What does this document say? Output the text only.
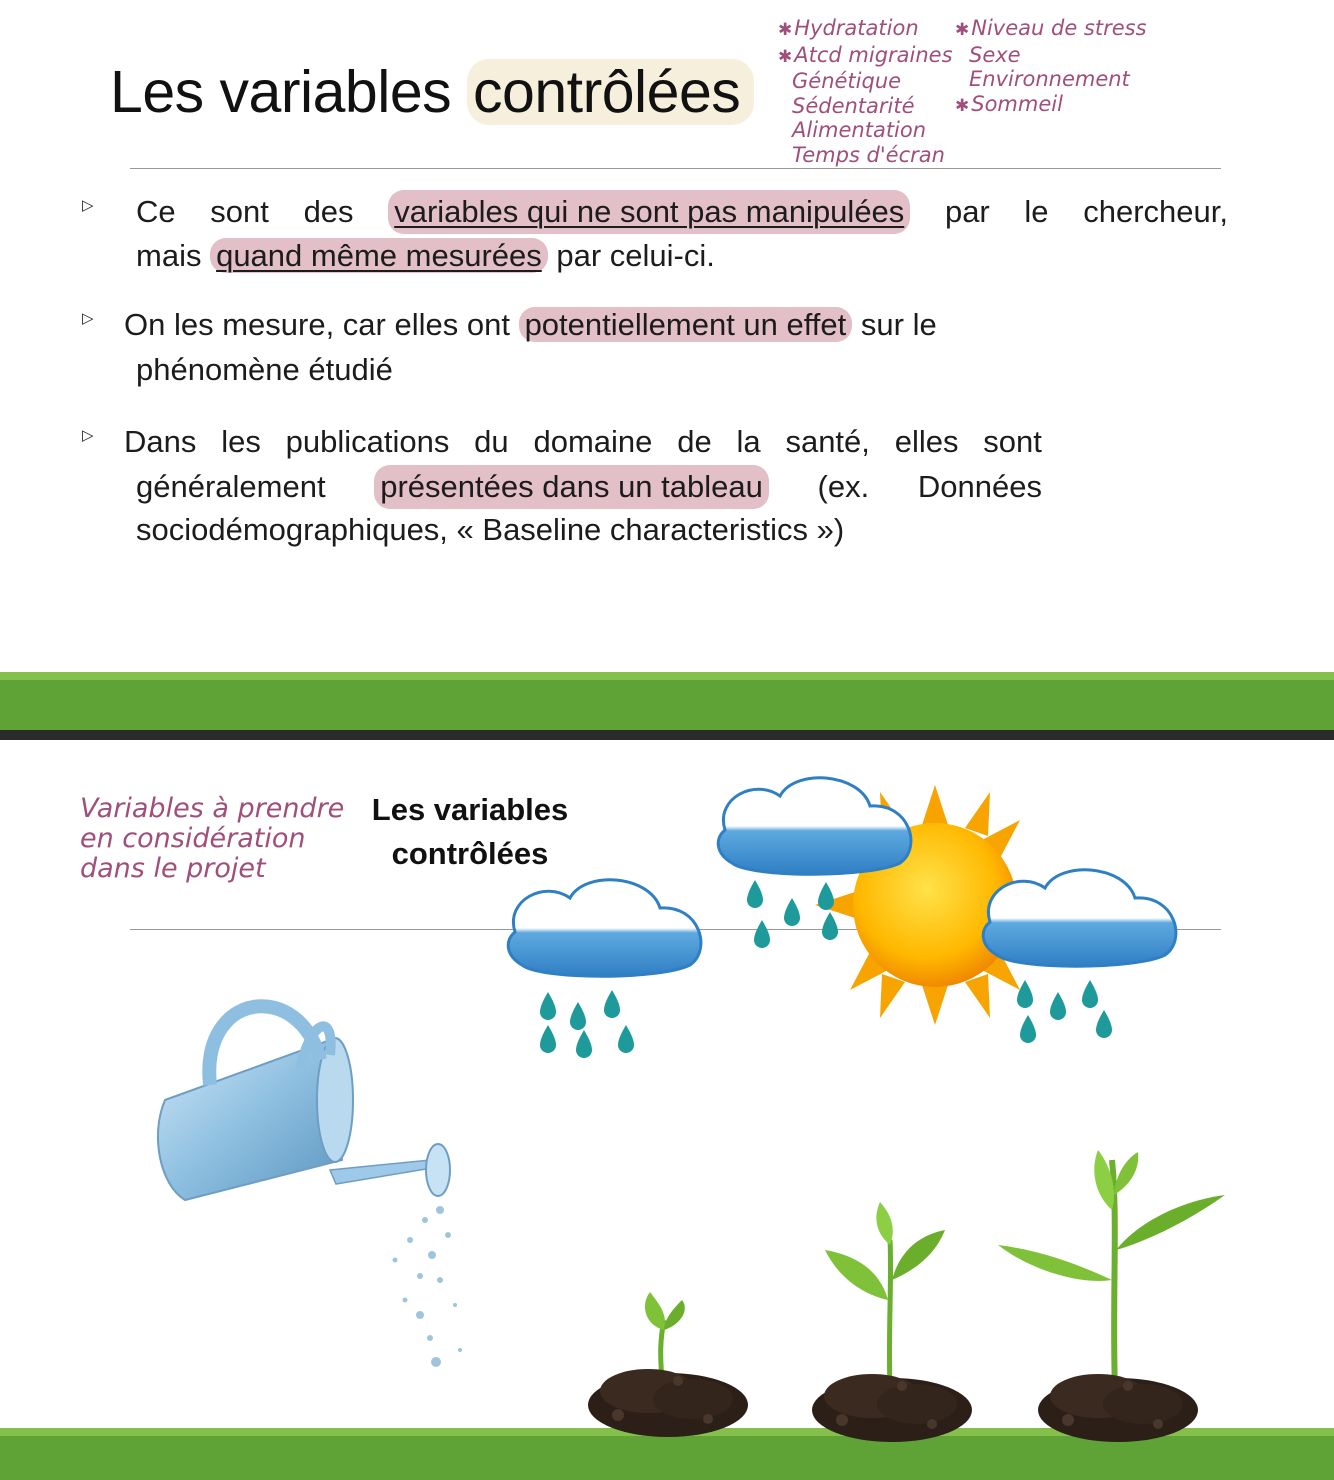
Les variables contrôlées
✱Hydratation
✱Atcd migraines
Génétique
Sédentarité
Alimentation
Temps d'écran
✱Niveau de stress
Sexe
Environnement
✱Sommeil
▷ Ce sont des variables qui ne sont pas manipulées par le chercheur,
mais quand même mesurées par celui-ci.
▷ On les mesure, car elles ont potentiellement un effet sur le
phénomène étudié
▷ Dans les publications du domaine de la santé, elles sont
généralement présentées dans un tableau (ex. Données
sociodémographiques, « Baseline characteristics »)
Variables à prendre
en considération
dans le projet
Les variables
contrôlées
